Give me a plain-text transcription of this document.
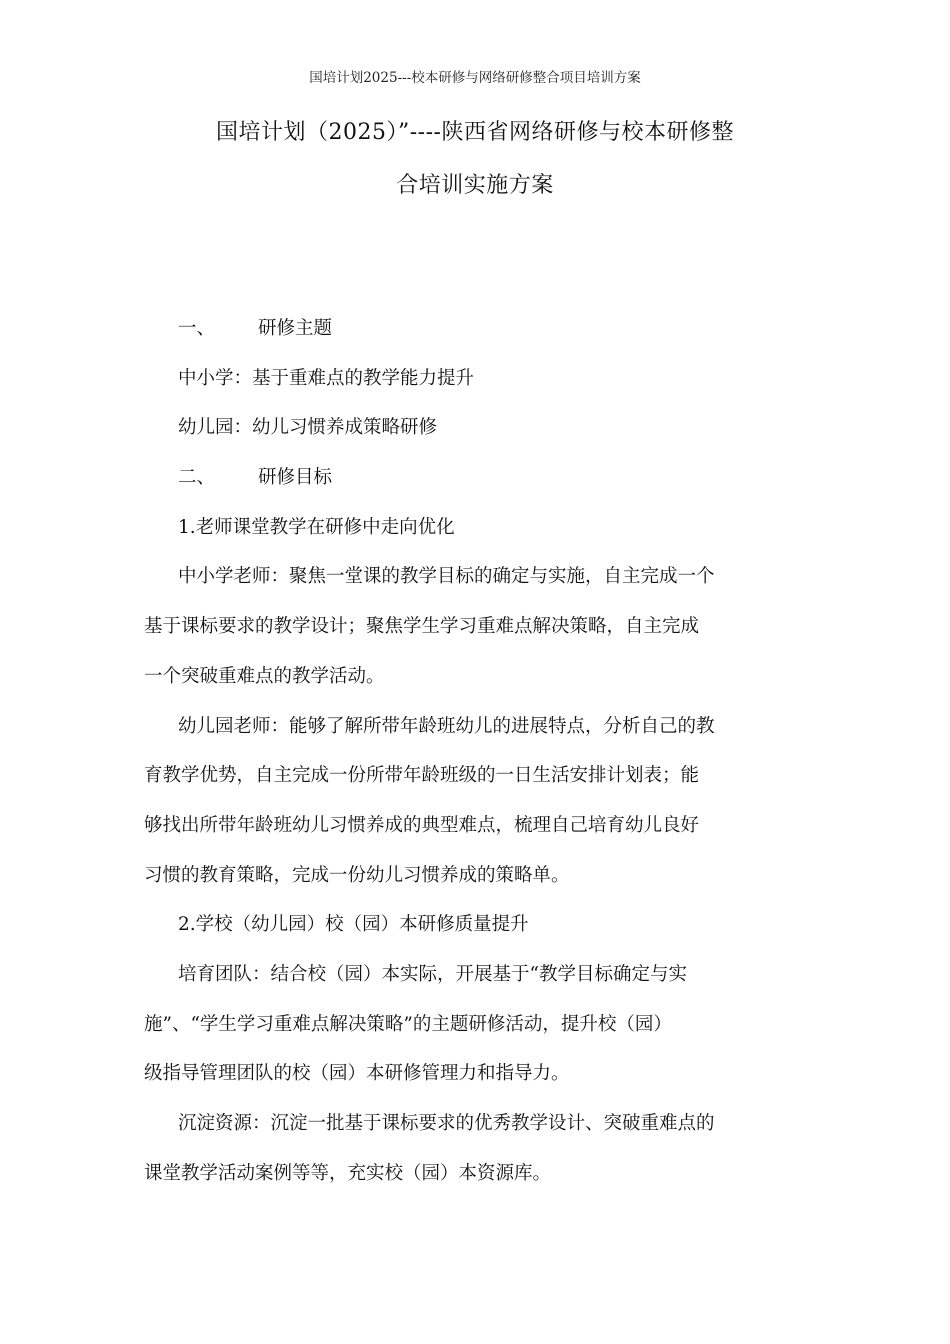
国培计划2025---校本研修与网络研修整合项目培训方案
国培计划（2025）”----陕西省网络研修与校本研修整
合培训实施方案
一、 研修主题
中小学：基于重难点的教学能力提升
幼儿园：幼儿习惯养成策略研修
二、 研修目标
1.老师课堂教学在研修中走向优化
中小学老师：聚焦一堂课的教学目标的确定与实施，自主完成一个
基于课标要求的教学设计；聚焦学生学习重难点解决策略，自主完成
一个突破重难点的教学活动。
幼儿园老师：能够了解所带年龄班幼儿的进展特点，分析自己的教
育教学优势，自主完成一份所带年龄班级的一日生活安排计划表；能
够找出所带年龄班幼儿习惯养成的典型难点，梳理自己培育幼儿良好
习惯的教育策略，完成一份幼儿习惯养成的策略单。
2.学校（幼儿园）校（园）本研修质量提升
培育团队：结合校（园）本实际，开展基于“教学目标确定与实
施”、“学生学习重难点解决策略”的主题研修活动，提升校（园）
级指导管理团队的校（园）本研修管理力和指导力。
沉淀资源：沉淀一批基于课标要求的优秀教学设计、突破重难点的
课堂教学活动案例等等，充实校（园）本资源库。
